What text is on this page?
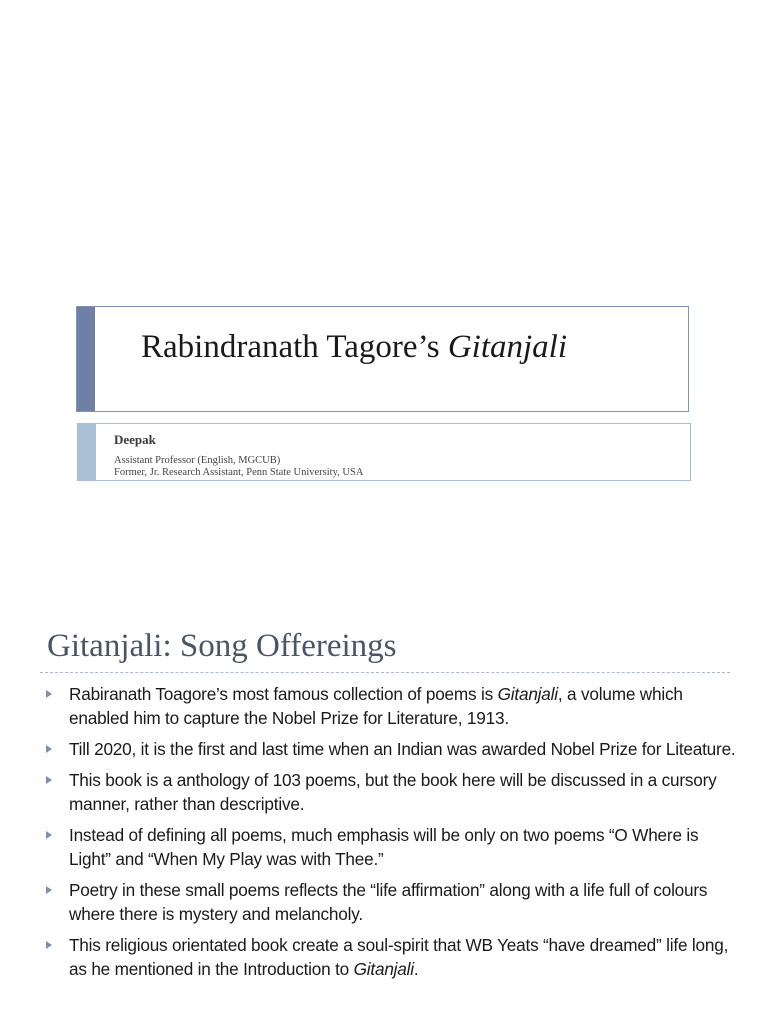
Rabindranath Tagore’s Gitanjali
Deepak
Assistant Professor (English, MGCUB)
Former, Jr. Research Assistant, Penn State University, USA
Gitanjali: Song Offereings
Rabiranath Toagore’s most famous collection of poems is Gitanjali, a volume which enabled him to capture the Nobel Prize for Literature, 1913.
Till 2020, it is the first and last time when an Indian was awarded Nobel Prize for Liteature.
This book is a anthology of 103 poems, but the book here will be discussed in a cursory manner, rather than descriptive.
Instead of defining all poems, much emphasis will be only on two poems “O Where is Light” and “When My Play was with Thee.”
Poetry in these small poems reflects the “life affirmation” along with a life full of colours where there is mystery and melancholy.
This religious orientated book create a soul-spirit that WB Yeats “have dreamed” life long, as he mentioned in the Introduction to Gitanjali.
